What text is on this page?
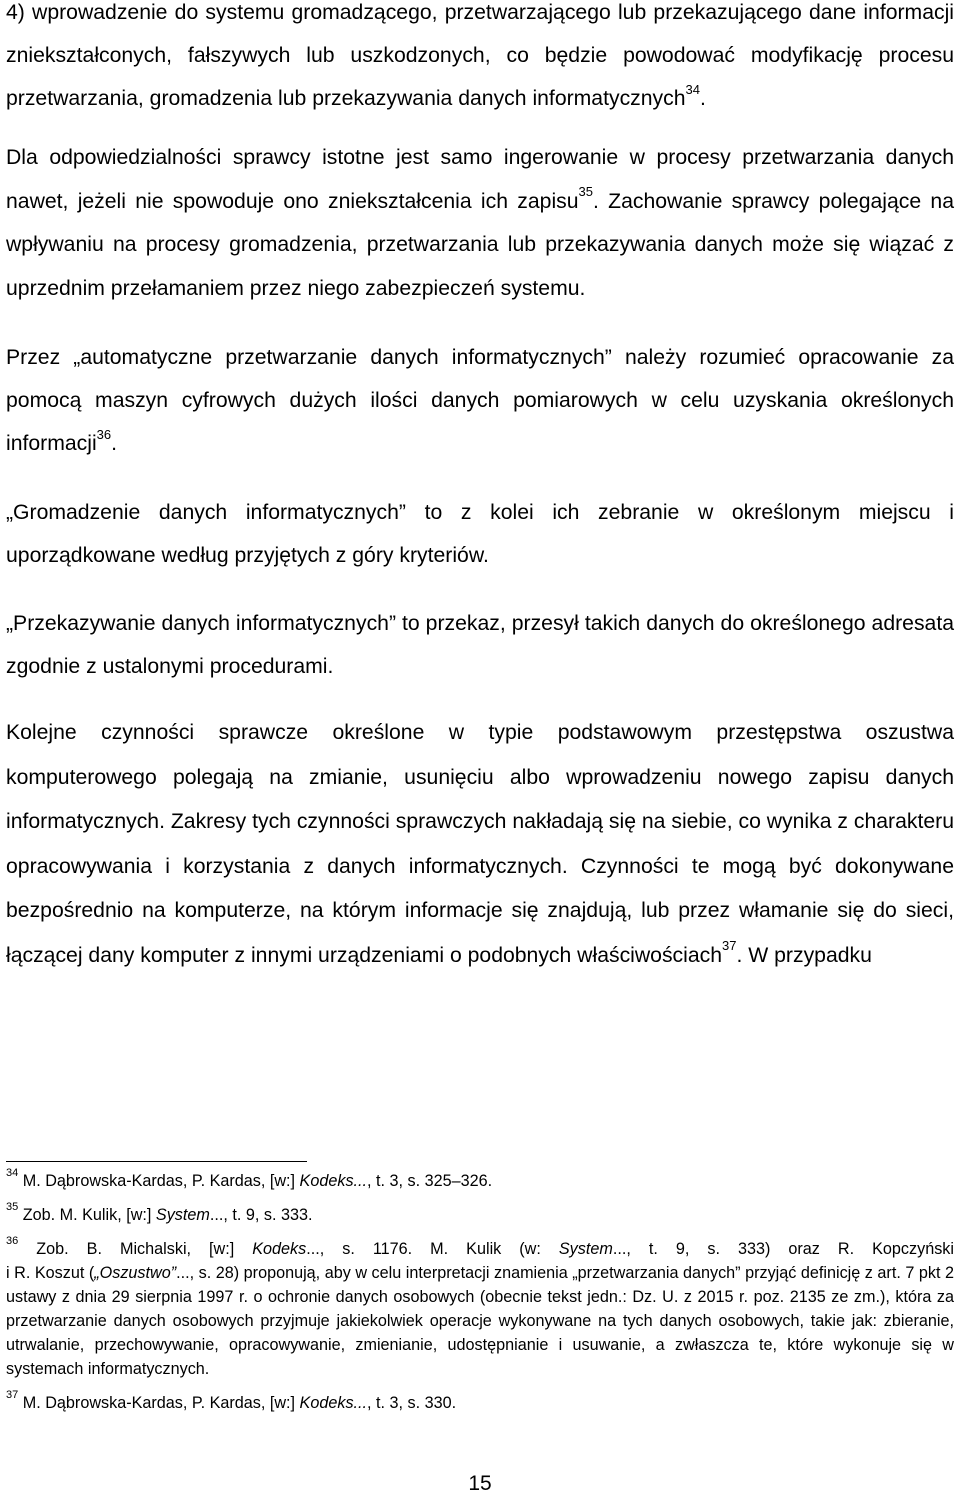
4) wprowadzenie do systemu gromadzącego, przetwarzającego lub przekazującego dane informacji zniekształconych, fałszywych lub uszkodzonych, co będzie powodować modyfikację procesu przetwarzania, gromadzenia lub przekazywania danych informatycznych$^{34}$.

Dla odpowiedzialności sprawcy istotne jest samo ingerowanie w procesy przetwarzania danych nawet, jeżeli nie spowoduje ono zniekształcenia ich zapisu$^{35}$. Zachowanie sprawcy polegające na wpływaniu na procesy gromadzenia, przetwarzania lub przekazywania danych może się wiązać z uprzednim przełamaniem przez niego zabezpieczeń systemu.

Przez „automatyczne przetwarzanie danych informatycznych” należy rozumieć opracowanie za pomocą maszyn cyfrowych dużych ilości danych pomiarowych w celu uzyskania określonych informacji$^{36}$.

„Gromadzenie danych informatycznych” to z kolei ich zebranie w określonym miejscu i uporządkowane według przyjętych z góry kryteriów.

„Przekazywanie danych informatycznych” to przekaz, przesył takich danych do określonego adresata zgodnie z ustalonymi procedurami.

Kolejne czynności sprawcze określone w typie podstawowym przestępstwa oszustwa komputerowego polegają na zmianie, usunięciu albo wprowadzeniu nowego zapisu danych informatycznych. Zakresy tych czynności sprawczych nakładają się na siebie, co wynika z charakteru opracowywania i korzystania z danych informatycznych. Czynności te mogą być dokonywane bezpośrednio na komputerze, na którym informacje się znajdują, lub przez włamanie się do sieci, łączącej dany komputer z innymi urządzeniami o podobnych właściwościach$^{37}$. W przypadku

$^{34}$ M. Dąbrowska-Kardas, P. Kardas, [w:] Kodeks..., t. 3, s. 325–326.

$^{35}$ Zob. M. Kulik, [w:] System..., t. 9, s. 333.

$^{36}$ Zob. B. Michalski, [w:] Kodeks..., s. 1176. M. Kulik (w: System..., t. 9, s. 333) oraz R. Kopczyński
i R. Koszut („Oszustwo”..., s. 28) proponują, aby w celu interpretacji znamienia „przetwarzania danych” przyjąć definicję z art. 7 pkt 2 ustawy z dnia 29 sierpnia 1997 r. o ochronie danych osobowych (obecnie tekst jedn.: Dz. U. z 2015 r. poz. 2135 ze zm.), która za przetwarzanie danych osobowych przyjmuje jakiekolwiek operacje wykonywane na tych danych osobowych, takie jak: zbieranie, utrwalanie, przechowywanie, opracowywanie, zmienianie, udostępnianie i usuwanie, a zwłaszcza te, które wykonuje się w systemach informatycznych.

$^{37}$ M. Dąbrowska-Kardas, P. Kardas, [w:] Kodeks..., t. 3, s. 330.

15
